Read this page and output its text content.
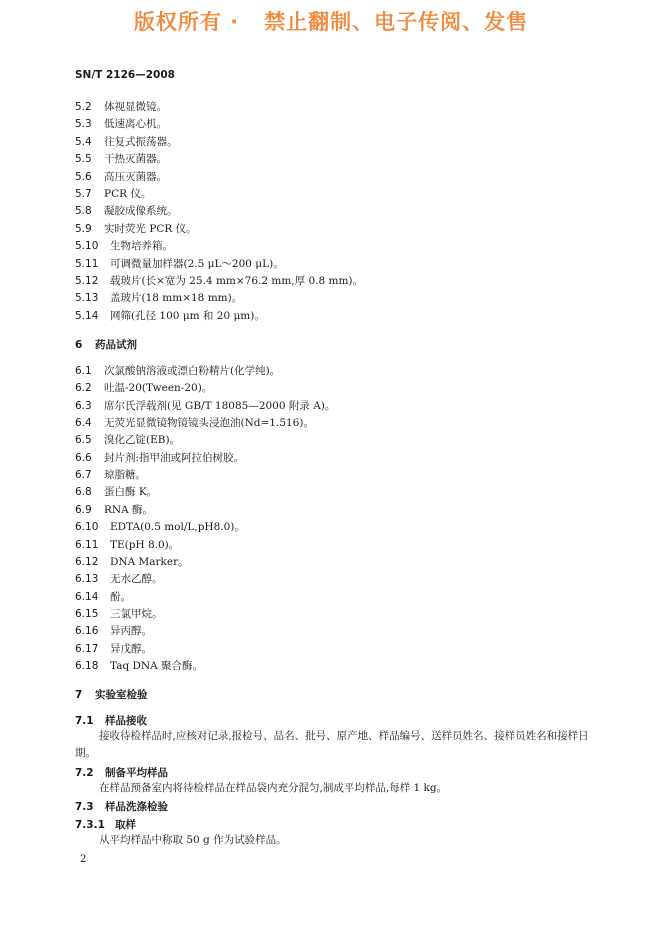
版权所有 ·   禁止翻制、电子传阅、发售
SN/T 2126—2008
5.2 体视显微镜。
5.3 低速离心机。
5.4 往复式振荡器。
5.5 干热灭菌器。
5.6 高压灭菌器。
5.7 PCR 仪。
5.8 凝胶成像系统。
5.9 实时荧光 PCR 仪。
5.10 生物培养箱。
5.11 可调微量加样器(2.5 μL～200 μL)。
5.12 载玻片(长×宽为 25.4 mm×76.2 mm,厚 0.8 mm)。
5.13 盖玻片(18 mm×18 mm)。
5.14 网筛(孔径 100 μm 和 20 μm)。
6 药品试剂
6.1 次氯酸钠溶液或漂白粉精片(化学纯)。
6.2 吐温-20(Tween-20)。
6.3 席尔氏浮载剂(见 GB/T 18085—2000 附录 A)。
6.4 无荧光显微镜物镜镜头浸泡油(Nd=1.516)。
6.5 溴化乙锭(EB)。
6.6 封片剂:指甲油或阿拉伯树胶。
6.7 琼脂糖。
6.8 蛋白酶 K。
6.9 RNA 酶。
6.10 EDTA(0.5 mol/L,pH8.0)。
6.11 TE(pH 8.0)。
6.12 DNA Marker。
6.13 无水乙醇。
6.14 酚。
6.15 三氯甲烷。
6.16 异丙醇。
6.17 异戊醇。
6.18 Taq DNA 聚合酶。
7 实验室检验
7.1 样品接收
接收待检样品时,应核对记录,报检号、品名、批号、原产地、样品编号、送样员姓名、接样员姓名和接样日期。
7.2 制备平均样品
在样品预备室内将待检样品在样品袋内充分混匀,制成平均样品,每样 1 kg。
7.3 样品洗涤检验
7.3.1 取样
从平均样品中称取 50 g 作为试验样品。
2
